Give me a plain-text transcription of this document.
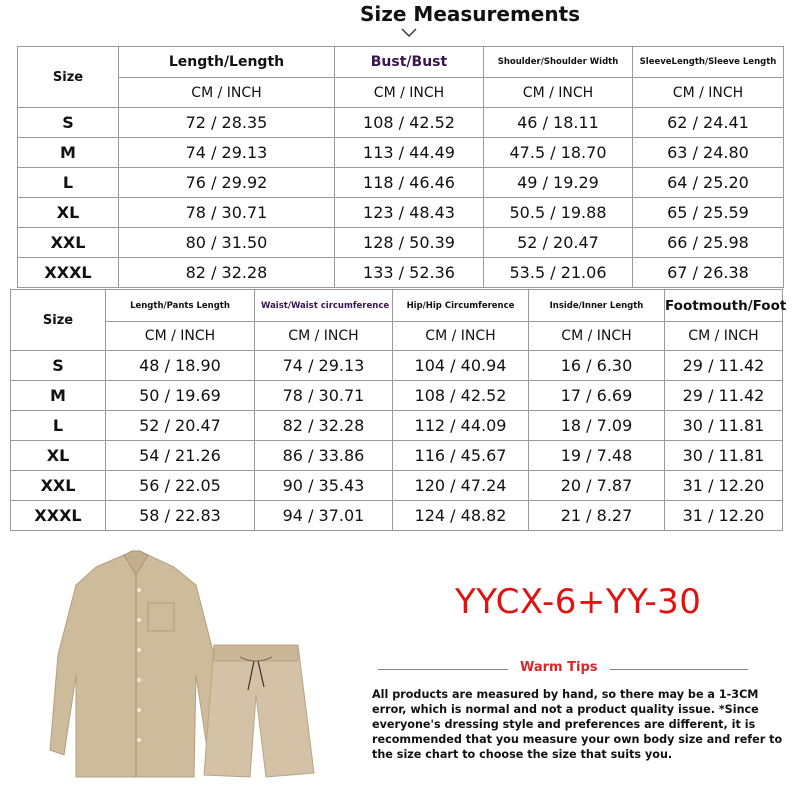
Size Measurements
Size	Length/Length	Bust/Bust	Shoulder/Shoulder Width	SleeveLength/Sleeve Length
	CM / INCH	CM / INCH	CM / INCH	CM / INCH
S	72 / 28.35	108 / 42.52	46 / 18.11	62 / 24.41
M	74 / 29.13	113 / 44.49	47.5 / 18.70	63 / 24.80
L	76 / 29.92	118 / 46.46	49 / 19.29	64 / 25.20
XL	78 / 30.71	123 / 48.43	50.5 / 19.88	65 / 25.59
XXL	80 / 31.50	128 / 50.39	52 / 20.47	66 / 25.98
XXXL	82 / 32.28	133 / 52.36	53.5 / 21.06	67 / 26.38
Size	Length/Pants Length	Waist/Waist circumference	Hip/Hip Circumference	Inside/Inner Length	Footmouth/Foot
	CM / INCH	CM / INCH	CM / INCH	CM / INCH	CM / INCH
S	48 / 18.90	74 / 29.13	104 / 40.94	16 / 6.30	29 / 11.42
M	50 / 19.69	78 / 30.71	108 / 42.52	17 / 6.69	29 / 11.42
L	52 / 20.47	82 / 32.28	112 / 44.09	18 / 7.09	30 / 11.81
XL	54 / 21.26	86 / 33.86	116 / 45.67	19 / 7.48	30 / 11.81
XXL	56 / 22.05	90 / 35.43	120 / 47.24	20 / 7.87	31 / 12.20
XXXL	58 / 22.83	94 / 37.01	124 / 48.82	21 / 8.27	31 / 12.20
YYCX-6+YY-30
Warm Tips
All products are measured by hand, so there may be a 1-3CM error, which is normal and not a product quality issue. *Since everyone's dressing style and preferences are different, it is recommended that you measure your own body size and refer to the size chart to choose the size that suits you.
